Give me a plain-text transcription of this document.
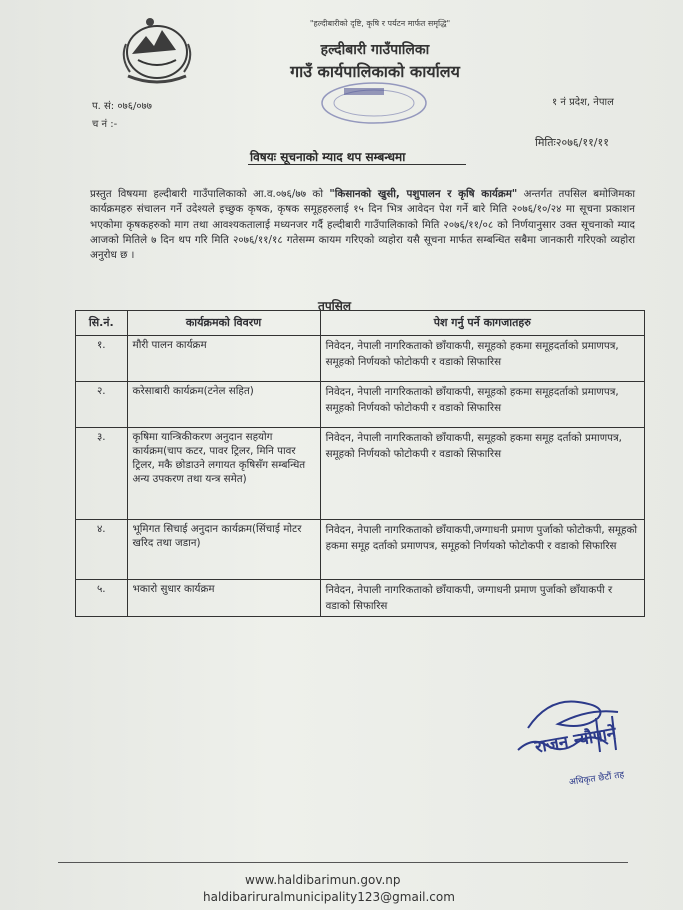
"हल्दीबारीको दृष्टि, कृषि र पर्यटन मार्फत समृद्धि"
हल्दीबारी गाउँपालिका
गाउँ कार्यपालिकाको कार्यालय
प. सं: ०७६/०७७
च नं :-
१ नं प्रदेश, नेपाल
मितिः२०७६/११/११
विषयः सूचनाको म्याद थप सम्बन्धमा
प्रस्तुत विषयमा हल्दीबारी गाउँपालिकाको आ.व.०७६/७७ को "किसानको खुसी, पशुपालन र कृषि कार्यक्रम" अन्तर्गत तपसिल बमोजिमका कार्यक्रमहरु संचालन गर्ने उदेश्यले इच्छुक कृषक, कृषक समूहहरुलाई १५ दिन भित्र आवेदन पेश गर्ने बारे मिति २०७६/१०/२४ मा सूचना प्रकाशन भएकोमा कृषकहरुको माग तथा आवश्यकतालाई मध्यनजर गर्दै हल्दीबारी गाउँपालिकाको मिति २०७६/११/०८ को निर्णयानुसार उक्त सूचनाको म्याद आजको मितिले ७ दिन थप गरि मिति २०७६/११/१८ गतेसम्म कायम गरिएको व्यहोरा यसै सूचना मार्फत सम्बन्धित सबैमा जानकारी गरिएको व्यहोरा अनुरोध छ ।
तपसिल
सि.नं.	कार्यक्रमको विवरण	पेश गर्नु पर्ने कागजातहरु
१.	मौरी पालन कार्यक्रम	निवेदन, नेपाली नागरिकताको छाँयाकपी, समूहको हकमा समूहदर्ताको प्रमाणपत्र, समूहको निर्णयको फोटोकपी र वडाको सिफारिस
२.	करेसाबारी कार्यक्रम(टनेल सहित)	निवेदन, नेपाली नागरिकताको छाँयाकपी, समूहको हकमा समूहदर्ताको प्रमाणपत्र, समूहको निर्णयको फोटोकपी र वडाको सिफारिस
३.	कृषिमा यान्त्रिकीकरण अनुदान सहयोग कार्यक्रम(चाप कटर, पावर ट्रिलर, मिनि पावर ट्रिलर, मकै छोडाउने लगायत कृषिसँग सम्बन्धित अन्य उपकरण तथा यन्त्र समेत)	निवेदन, नेपाली नागरिकताको छाँयाकपी, समूहको हकमा समूह दर्ताको प्रमाणपत्र, समूहको निर्णयको फोटोकपी र वडाको सिफारिस
४.	भूमिगत सिचाई अनुदान कार्यक्रम(सिंचाई मोटर खरिद तथा जडान)	निवेदन, नेपाली नागरिकताको छाँयाकपी,जग्गाधनी प्रमाण पुर्जाको फोटोकपी, समूहको हकमा समूह दर्ताको प्रमाणपत्र, समूहको निर्णयको फोटोकपी र वडाको सिफारिस
५.	भकारो सुधार कार्यक्रम	निवेदन, नेपाली नागरिकताको छाँयाकपी, जग्गाधनी प्रमाण पुर्जाको छाँयाकपी र वडाको सिफारिस
राजन न्यौपाने
अधिकृत छैटौं तह
www.haldibarimun.gov.np
haldibariruralmunicipality123@gmail.com
